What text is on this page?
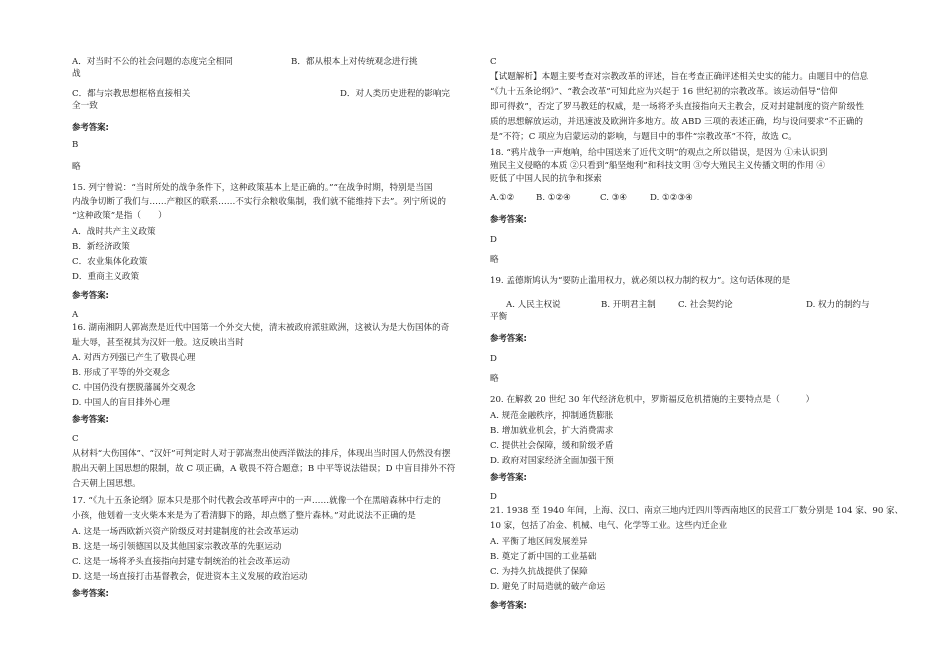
A．对当时不公的社会问题的态度完全相同
战
B．都从根本上对传统观念进行挑
C．都与宗教思想框格直接相关
全一致
D．对人类历史进程的影响完
参考答案:
B
略
15. 列宁曾说：“当时所处的战争条件下，这种政策基本上是正确的。”“在战争时期，特别是当国
内战争切断了我们与……产粮区的联系……不实行余粮收集制，我们就不能维持下去”。列宁所说的
“这种政策”是指（　　）
A．战时共产主义政策
B．新经济政策
C．农业集体化政策
D．重商主义政策
参考答案:
A
16. 湖南湘阴人郭嵩焘是近代中国第一个外交大使，清末被政府派驻欧洲，这被认为是大伤国体的奇
耻大辱，甚至视其为汉奸一般。这反映出当时
A. 对西方列强已产生了敬畏心理
B. 形成了平等的外交观念
C. 中国仍没有摆脱藩属外交观念
D. 中国人的盲目排外心理
参考答案:
C
从材料“大伤国体”、“汉奸”可判定时人对于郭嵩焘出使西洋做法的排斥，体现出当时国人仍然没有摆
脱出天朝上国思想的限制，故 C 项正确，A 敬畏不符合题意；B 中平等说法错误；D 中盲目排外不符
合天朝上国思想。
17. “《九十五条论纲》原本只是那个时代教会改革呼声中的一声……就像一个在黑暗森林中行走的
小孩，他划着一支火柴本来是为了看清脚下的路，却点燃了整片森林。”对此说法不正确的是
A. 这是一场西欧新兴资产阶级反对封建制度的社会改革运动
B. 这是一场引领德国以及其他国家宗教改革的先驱运动
C. 这是一场将矛头直接指向封建专制统治的社会改革运动
D. 这是一场直接打击基督教会，促进资本主义发展的政治运动
参考答案:
C
【试题解析】本题主要考查对宗教改革的评述，旨在考查正确评述相关史实的能力。由题目中的信息
“《九十五条论纲》”、“教会改革”可知此应为兴起于 16 世纪初的宗教改革。该运动倡导“信仰
即可得救”，否定了罗马教廷的权威，是一场将矛头直接指向天主教会，反对封建制度的资产阶级性
质的思想解放运动，并迅速波及欧洲许多地方。故 ABD 三项的表述正确，均与设问要求“不正确的
是”不符；C 项应为启蒙运动的影响，与题目中的事件“宗教改革”不符，故选 C。
18. “鸦片战争一声炮响，给中国送来了近代文明”的观点之所以错误，是因为 ①未认识到
殖民主义侵略的本质 ②只看到“船坚炮利”和科技文明 ③夸大殖民主义传播文明的作用 ④
贬低了中国人民的抗争和探索
A.①②	B. ①②④	C. ③④	D. ①②③④
参考答案:
D
略
19. 孟德斯鸠认为“要防止滥用权力，就必须以权力制约权力”。这句话体现的是
A. 人民主权说	B. 开明君主制	C. 社会契约论	D. 权力的制约与
平衡
参考答案:
D
略
20. 在解救 20 世纪 30 年代经济危机中，罗斯福反危机措施的主要特点是（　　　）
A. 规范金融秩序，抑制通货膨胀
B. 增加就业机会，扩大消费需求
C. 提供社会保障，缓和阶级矛盾
D. 政府对国家经济全面加强干预
参考答案:
D
21. 1938 至 1940 年间，上海、汉口、南京三地内迁四川等西南地区的民营工厂数分别是 104 家、90 家、
10 家，包括了冶金、机械、电气、化学等工业。这些内迁企业
A. 平衡了地区间发展差异
B. 奠定了新中国的工业基础
C. 为持久抗战提供了保障
D. 避免了时局造就的破产命运
参考答案:
